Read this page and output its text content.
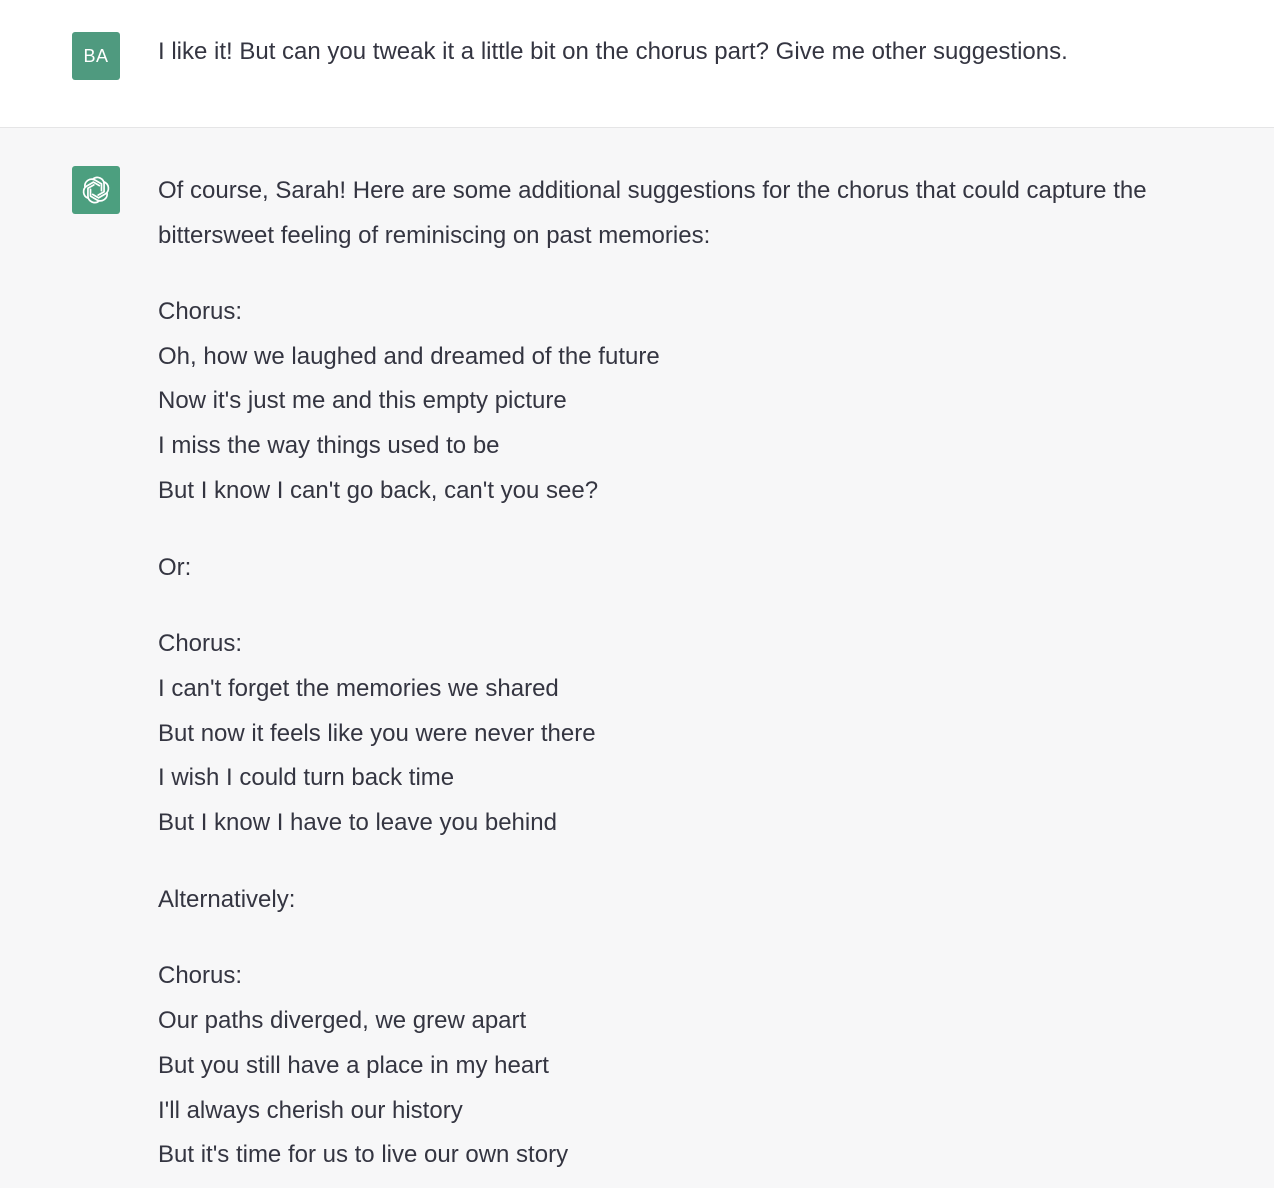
BA I like it! But can you tweak it a little bit on the chorus part? Give me other suggestions.

Of course, Sarah! Here are some additional suggestions for the chorus that could capture the bittersweet feeling of reminiscing on past memories:

Chorus:
Oh, how we laughed and dreamed of the future
Now it's just me and this empty picture
I miss the way things used to be
But I know I can't go back, can't you see?
Or:
Chorus:
I can't forget the memories we shared
But now it feels like you were never there
I wish I could turn back time
But I know I have to leave you behind
Alternatively:
Chorus:
Our paths diverged, we grew apart
But you still have a place in my heart
I'll always cherish our history
But it's time for us to live our own story
